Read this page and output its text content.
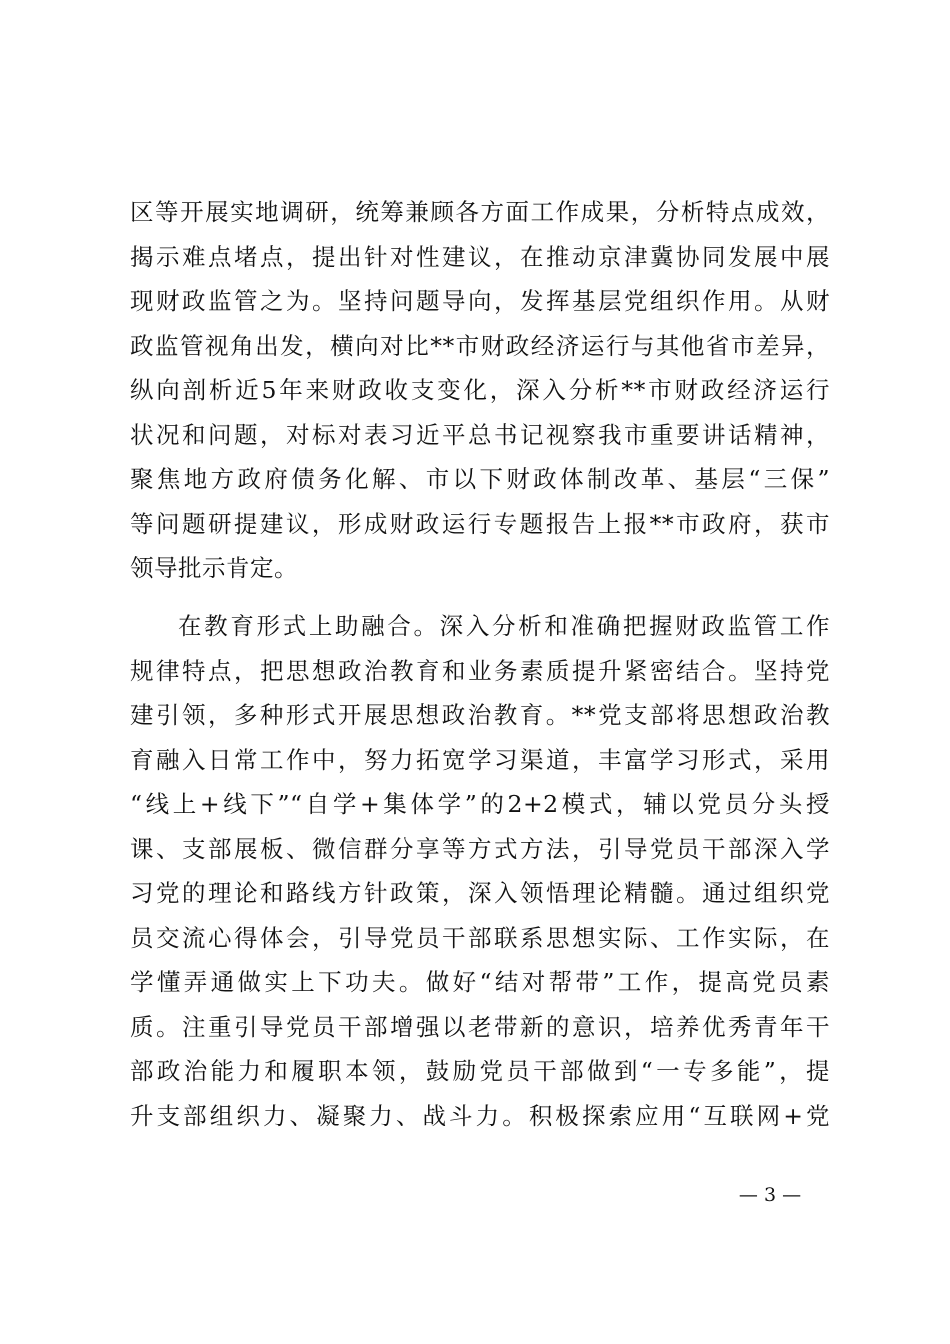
区等开展实地调研，统筹兼顾各方面工作成果，分析特点成效，
揭示难点堵点，提出针对性建议，在推动京津冀协同发展中展
现财政监管之为。坚持问题导向，发挥基层党组织作用。从财
政监管视角出发，横向对比**市财政经济运行与其他省市差异，
纵向剖析近5年来财政收支变化，深入分析**市财政经济运行
状况和问题，对标对表习近平总书记视察我市重要讲话精神，
聚焦地方政府债务化解、市以下财政体制改革、基层“三保”
等问题研提建议，形成财政运行专题报告上报**市政府，获市
领导批示肯定。
在教育形式上助融合。深入分析和准确把握财政监管工作
规律特点，把思想政治教育和业务素质提升紧密结合。坚持党
建引领，多种形式开展思想政治教育。**党支部将思想政治教
育融入日常工作中，努力拓宽学习渠道，丰富学习形式，采用
“线上+线下”“自学+集体学”的2+2模式，辅以党员分头授
课、支部展板、微信群分享等方式方法，引导党员干部深入学
习党的理论和路线方针政策，深入领悟理论精髓。通过组织党
员交流心得体会，引导党员干部联系思想实际、工作实际，在
学懂弄通做实上下功夫。做好“结对帮带”工作，提高党员素
质。注重引导党员干部增强以老带新的意识，培养优秀青年干
部政治能力和履职本领，鼓励党员干部做到“一专多能”，提
升支部组织力、凝聚力、战斗力。积极探索应用“互联网+党
— 3 —
